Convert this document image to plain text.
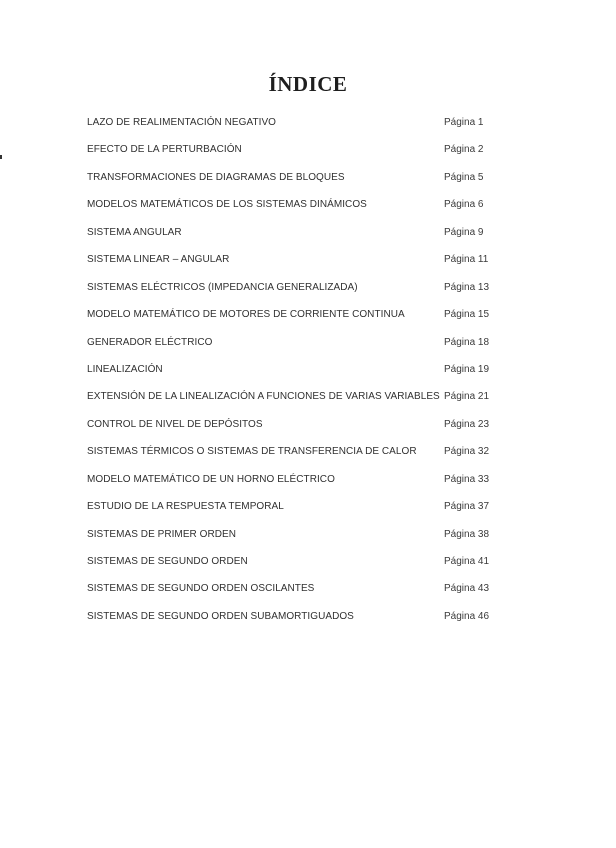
ÍNDICE
LAZO DE REALIMENTACIÓN NEGATIVO	Página 1
EFECTO DE LA PERTURBACIÓN	Página 2
TRANSFORMACIONES DE DIAGRAMAS DE BLOQUES	Página 5
MODELOS MATEMÁTICOS DE LOS SISTEMAS DINÁMICOS	Página 6
SISTEMA ANGULAR	Página 9
SISTEMA LINEAR – ANGULAR	Página 11
SISTEMAS ELÉCTRICOS (IMPEDANCIA GENERALIZADA)	Página 13
MODELO MATEMÁTICO DE MOTORES DE CORRIENTE CONTINUA	Página 15
GENERADOR ELÉCTRICO	Página 18
LINEALIZACIÓN	Página 19
EXTENSIÓN DE LA LINEALIZACIÓN A FUNCIONES DE VARIAS VARIABLES Página 21
CONTROL DE NIVEL DE DEPÓSITOS	Página 23
SISTEMAS TÉRMICOS O SISTEMAS DE TRANSFERENCIA DE CALOR	Página 32
MODELO MATEMÁTICO DE UN HORNO ELÉCTRICO	Página 33
ESTUDIO DE LA RESPUESTA TEMPORAL	Página 37
SISTEMAS DE PRIMER ORDEN	Página 38
SISTEMAS DE SEGUNDO ORDEN	Página 41
SISTEMAS DE SEGUNDO ORDEN OSCILANTES	Página 43
SISTEMAS DE SEGUNDO ORDEN SUBAMORTIGUADOS	Página 46
